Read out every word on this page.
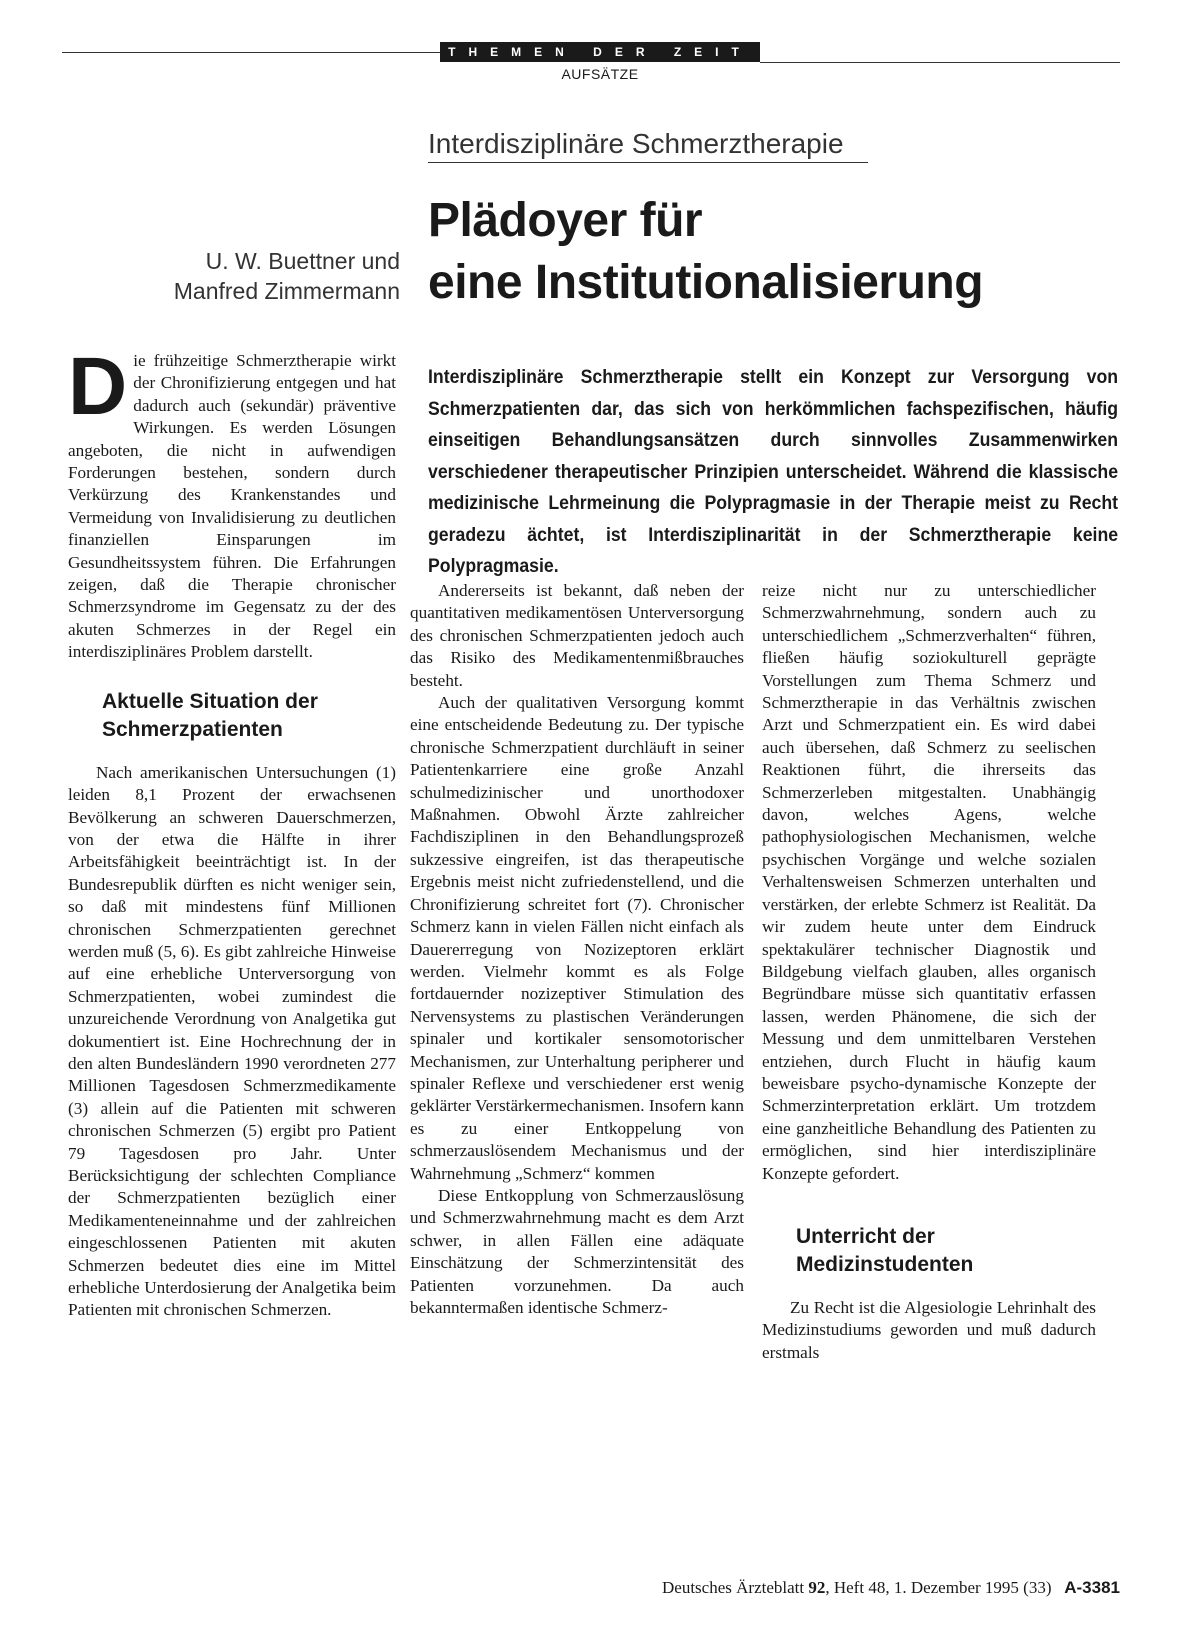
THEMEN DER ZEIT
AUFSÄTZE
Interdisziplinäre Schmerztherapie
Plädoyer für
eine Institutionalisierung
U. W. Buettner und
Manfred Zimmermann
Interdisziplinäre Schmerztherapie stellt ein Konzept zur Versorgung von Schmerzpatienten dar, das sich von herkömmlichen fachspezifischen, häufig einseitigen Behandlungsansätzen durch sinnvolles Zusammenwirken verschiedener therapeutischer Prinzipien unterscheidet. Während die klassische medizinische Lehrmeinung die Polypragmasie in der Therapie meist zu Recht geradezu ächtet, ist Interdisziplinarität in der Schmerztherapie keine Polypragmasie.

Die frühzeitige Schmerztherapie wirkt der Chronifizierung entgegen und hat dadurch auch (sekundär) präventive Wirkungen. Es werden Lösungen angeboten, die nicht in aufwendigen Forderungen bestehen, sondern durch Verkürzung des Krankenstandes und Vermeidung von Invalidisierung zu deutlichen finanziellen Einsparungen im Gesundheitssystem führen. Die Erfahrungen zeigen, daß die Therapie chronischer Schmerzsyndrome im Gegensatz zu der des akuten Schmerzes in der Regel ein interdisziplinäres Problem darstellt.

Aktuelle Situation der Schmerzpatienten

Nach amerikanischen Untersuchungen (1) leiden 8,1 Prozent der erwachsenen Bevölkerung an schweren Dauerschmerzen, von der etwa die Hälfte in ihrer Arbeitsfähigkeit beeinträchtigt ist. In der Bundesrepublik dürften es nicht weniger sein, so daß mit mindestens fünf Millionen chronischen Schmerzpatienten gerechnet werden muß (5, 6). Es gibt zahlreiche Hinweise auf eine erhebliche Unterversorgung von Schmerzpatienten, wobei zumindest die unzureichende Verordnung von Analgetika gut dokumentiert ist. Eine Hochrechnung der in den alten Bundesländern 1990 verordneten 277 Millionen Tagesdosen Schmerzmedikamente (3) allein auf die Patienten mit schweren chronischen Schmerzen (5) ergibt pro Patient 79 Tagesdosen pro Jahr. Unter Berücksichtigung der schlechten Compliance der Schmerzpatienten bezüglich einer Medikamenteneinnahme und der zahlreichen eingeschlossenen Patienten mit akuten Schmerzen bedeutet dies eine im Mittel erhebliche Unterdosierung der Analgetika beim Patienten mit chronischen Schmerzen.

Andererseits ist bekannt, daß neben der quantitativen medikamentösen Unterversorgung des chronischen Schmerzpatienten jedoch auch das Risiko des Medikamentenmißbrauches besteht.

Auch der qualitativen Versorgung kommt eine entscheidende Bedeutung zu. Der typische chronische Schmerzpatient durchläuft in seiner Patientenkarriere eine große Anzahl schulmedizinischer und unorthodoxer Maßnahmen. Obwohl Ärzte zahlreicher Fachdisziplinen in den Behandlungsprozeß sukzessive eingreifen, ist das therapeutische Ergebnis meist nicht zufriedenstellend, und die Chronifizierung schreitet fort (7). Chronischer Schmerz kann in vielen Fällen nicht einfach als Dauererregung von Nozizeptoren erklärt werden. Vielmehr kommt es als Folge fortdauernder nozizeptiver Stimulation des Nervensystems zu plastischen Veränderungen spinaler und kortikaler sensomotorischer Mechanismen, zur Unterhaltung peripherer und spinaler Reflexe und verschiedener erst wenig geklärter Verstärkermechanismen. Insofern kann es zu einer Entkoppelung von schmerzauslösendem Mechanismus und der Wahrnehmung „Schmerz“ kommen

Diese Entkopplung von Schmerzauslösung und Schmerzwahrnehmung macht es dem Arzt schwer, in allen Fällen eine adäquate Einschätzung der Schmerzintensität des Patienten vorzunehmen. Da auch bekanntermaßen identische Schmerz-

reize nicht nur zu unterschiedlicher Schmerzwahrnehmung, sondern auch zu unterschiedlichem „Schmerzverhalten“ führen, fließen häufig soziokulturell geprägte Vorstellungen zum Thema Schmerz und Schmerztherapie in das Verhältnis zwischen Arzt und Schmerzpatient ein. Es wird dabei auch übersehen, daß Schmerz zu seelischen Reaktionen führt, die ihrerseits das Schmerzerleben mitgestalten. Unabhängig davon, welches Agens, welche pathophysiologischen Mechanismen, welche psychischen Vorgänge und welche sozialen Verhaltensweisen Schmerzen unterhalten und verstärken, der erlebte Schmerz ist Realität. Da wir zudem heute unter dem Eindruck spektakulärer technischer Diagnostik und Bildgebung vielfach glauben, alles organisch Begründbare müsse sich quantitativ erfassen lassen, werden Phänomene, die sich der Messung und dem unmittelbaren Verstehen entziehen, durch Flucht in häufig kaum beweisbare psycho-dynamische Konzepte der Schmerzinterpretation erklärt. Um trotzdem eine ganzheitliche Behandlung des Patienten zu ermöglichen, sind hier interdisziplinäre Konzepte gefordert.

Unterricht der Medizinstudenten

Zu Recht ist die Algesiologie Lehrinhalt des Medizinstudiums geworden und muß dadurch erstmals

Deutsches Ärzteblatt 92, Heft 48, 1. Dezember 1995 (33) A-3381
